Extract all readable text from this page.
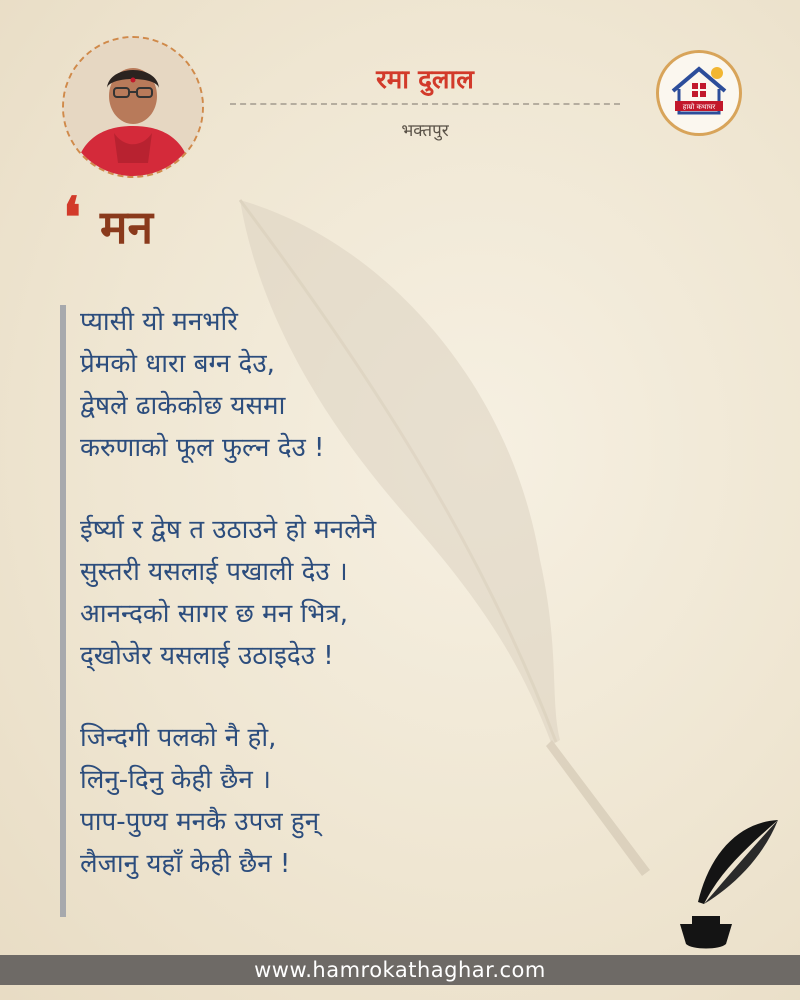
रमा दुलाल
भक्तपुर
हाम्रो कथाघर
❛ मन
प्यासी यो मनभरि
प्रेमको धारा बग्न देउ,
द्वेषले ढाकेकोछ यसमा
करुणाको फूल फुल्न देउ !
ईर्ष्या र द्वेष त उठाउने हो मनलेनै
सुस्तरी यसलाई पखाली देउ ।
आनन्दको सागर छ मन भित्र,
द्खोजेर यसलाई उठाइदेउ !
जिन्दगी पलको नै हो,
लिनु-दिनु केही छैन ।
पाप-पुण्य मनकै उपज हुन्
लैजानु यहाँ केही छैन !
www.hamrokathaghar.com
